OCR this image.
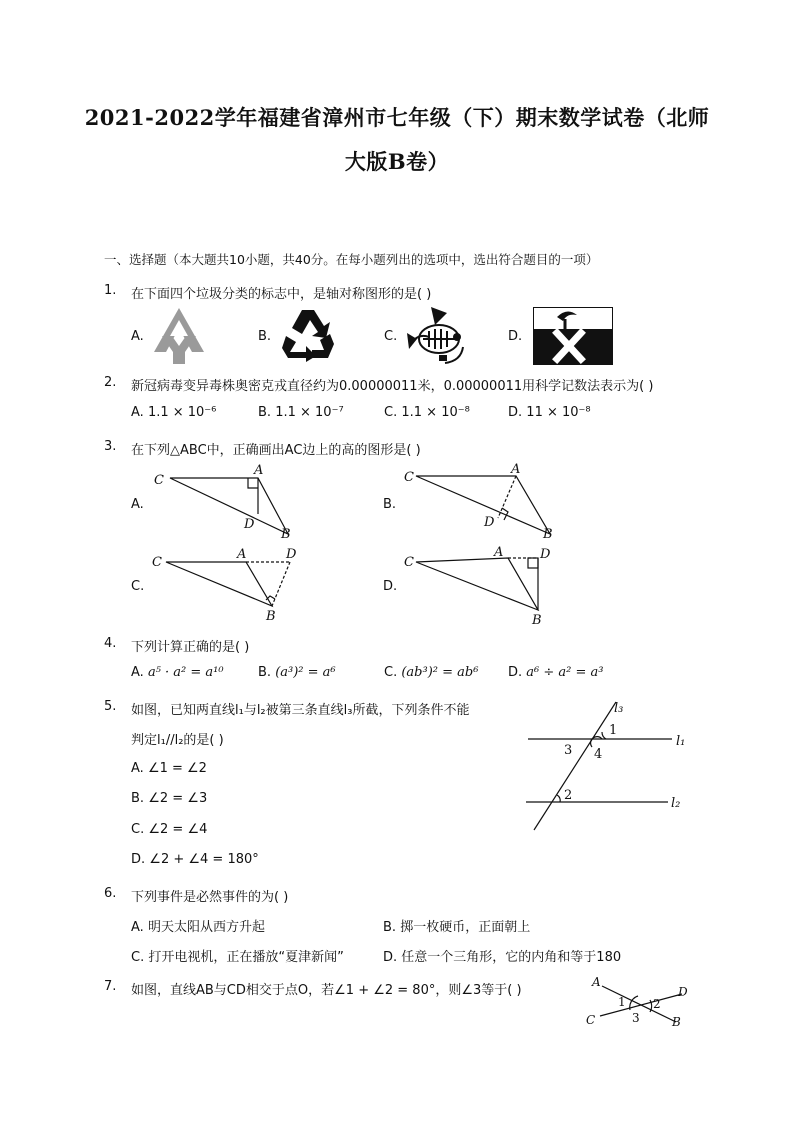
2021-2022学年福建省漳州市七年级（下）期末数学试卷（北师
大版B卷）
一、选择题（本大题共10小题，共40分。在每小题列出的选项中，选出符合题目的一项）
1. 在下面四个垃圾分类的标志中，是轴对称图形的是( )
A.	B.	C.	D.
2. 新冠病毒变异毒株奥密克戎直径约为0.00000011米，0.00000011用科学记数法表示为( )
A. 1.1 × 10⁻⁶	B. 1.1 × 10⁻⁷	C. 1.1 × 10⁻⁸	D. 11 × 10⁻⁸
3. 在下列△ABC中，正确画出AC边上的高的图形是( )
A.
C
A
D
B
B.
C
A
D
B
C.
C
A	D
B
D.
C
A	D
B
4. 下列计算正确的是( )
A. a⁵ · a² = a¹⁰	B. (a³)² = a⁶	C. (ab³)² = ab⁶ D. a⁶ ÷ a² = a³
5. 如图，已知两直线l₁与l₂被第三条直线l₃所截，下列条件不能
判定l₁//l₂的是( )
A. ∠1 = ∠2
B. ∠2 = ∠3
C. ∠2 = ∠4
D. ∠2 + ∠4 = 180°
l₃
l₁
l₂
1
2
3 4
6. 下列事件是必然事件的为( )
A. 明天太阳从西方升起	B. 掷一枚硬币，正面朝上
C. 打开电视机，正在播放“夏津新闻”	D. 任意一个三角形，它的内角和等于180
7. 如图，直线AB与CD相交于点O，若∠1 + ∠2 = 80°，则∠3等于( )
A
D
C	B
1 2
3
